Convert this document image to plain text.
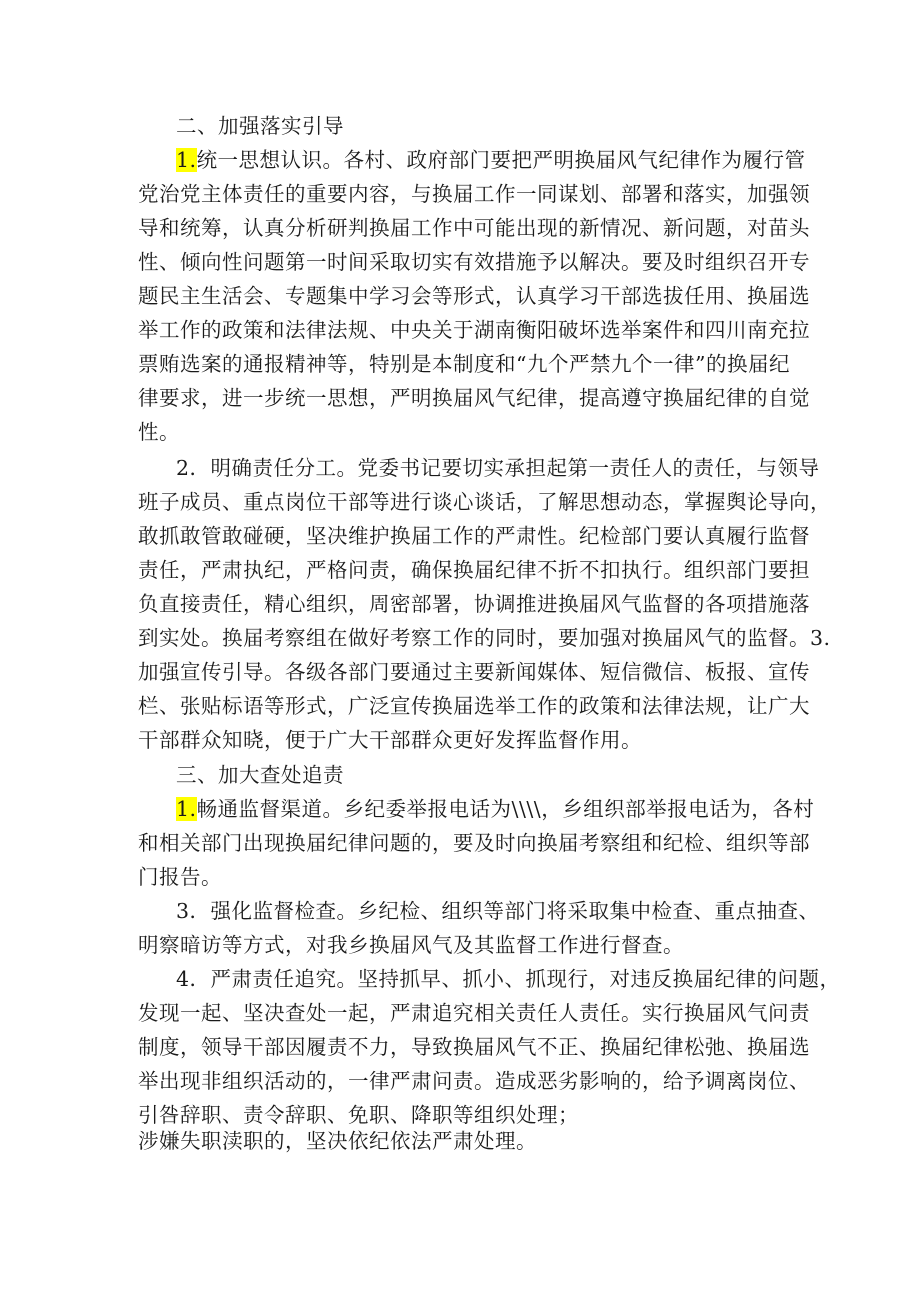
二、加强落实引导
1.统一思想认识。各村、政府部门要把严明换届风气纪律作为履行管
党治党主体责任的重要内容，与换届工作一同谋划、部署和落实，加强领
导和统筹，认真分析研判换届工作中可能出现的新情况、新问题，对苗头
性、倾向性问题第一时间采取切实有效措施予以解决。要及时组织召开专
题民主生活会、专题集中学习会等形式，认真学习干部选拔任用、换届选
举工作的政策和法律法规、中央关于湖南衡阳破坏选举案件和四川南充拉
票贿选案的通报精神等，特别是本制度和“九个严禁九个一律”的换届纪
律要求，进一步统一思想，严明换届风气纪律，提高遵守换届纪律的自觉
性。
2．明确责任分工。党委书记要切实承担起第一责任人的责任，与领导
班子成员、重点岗位干部等进行谈心谈话，了解思想动态，掌握舆论导向，
敢抓敢管敢碰硬，坚决维护换届工作的严肃性。纪检部门要认真履行监督
责任，严肃执纪，严格问责，确保换届纪律不折不扣执行。组织部门要担
负直接责任，精心组织，周密部署，协调推进换届风气监督的各项措施落
到实处。换届考察组在做好考察工作的同时，要加强对换届风气的监督。3.
加强宣传引导。各级各部门要通过主要新闻媒体、短信微信、板报、宣传
栏、张贴标语等形式，广泛宣传换届选举工作的政策和法律法规，让广大
干部群众知晓，便于广大干部群众更好发挥监督作用。
三、加大查处追责
1.畅通监督渠道。乡纪委举报电话为\\\\，乡组织部举报电话为，各村
和相关部门出现换届纪律问题的，要及时向换届考察组和纪检、组织等部
门报告。
3．强化监督检查。乡纪检、组织等部门将采取集中检查、重点抽查、
明察暗访等方式，对我乡换届风气及其监督工作进行督查。
4．严肃责任追究。坚持抓早、抓小、抓现行，对违反换届纪律的问题，
发现一起、坚决查处一起，严肃追究相关责任人责任。实行换届风气问责
制度，领导干部因履责不力，导致换届风气不正、换届纪律松弛、换届选
举出现非组织活动的，一律严肃问责。造成恶劣影响的，给予调离岗位、
引咎辞职、责令辞职、免职、降职等组织处理；
涉嫌失职渎职的，坚决依纪依法严肃处理。
